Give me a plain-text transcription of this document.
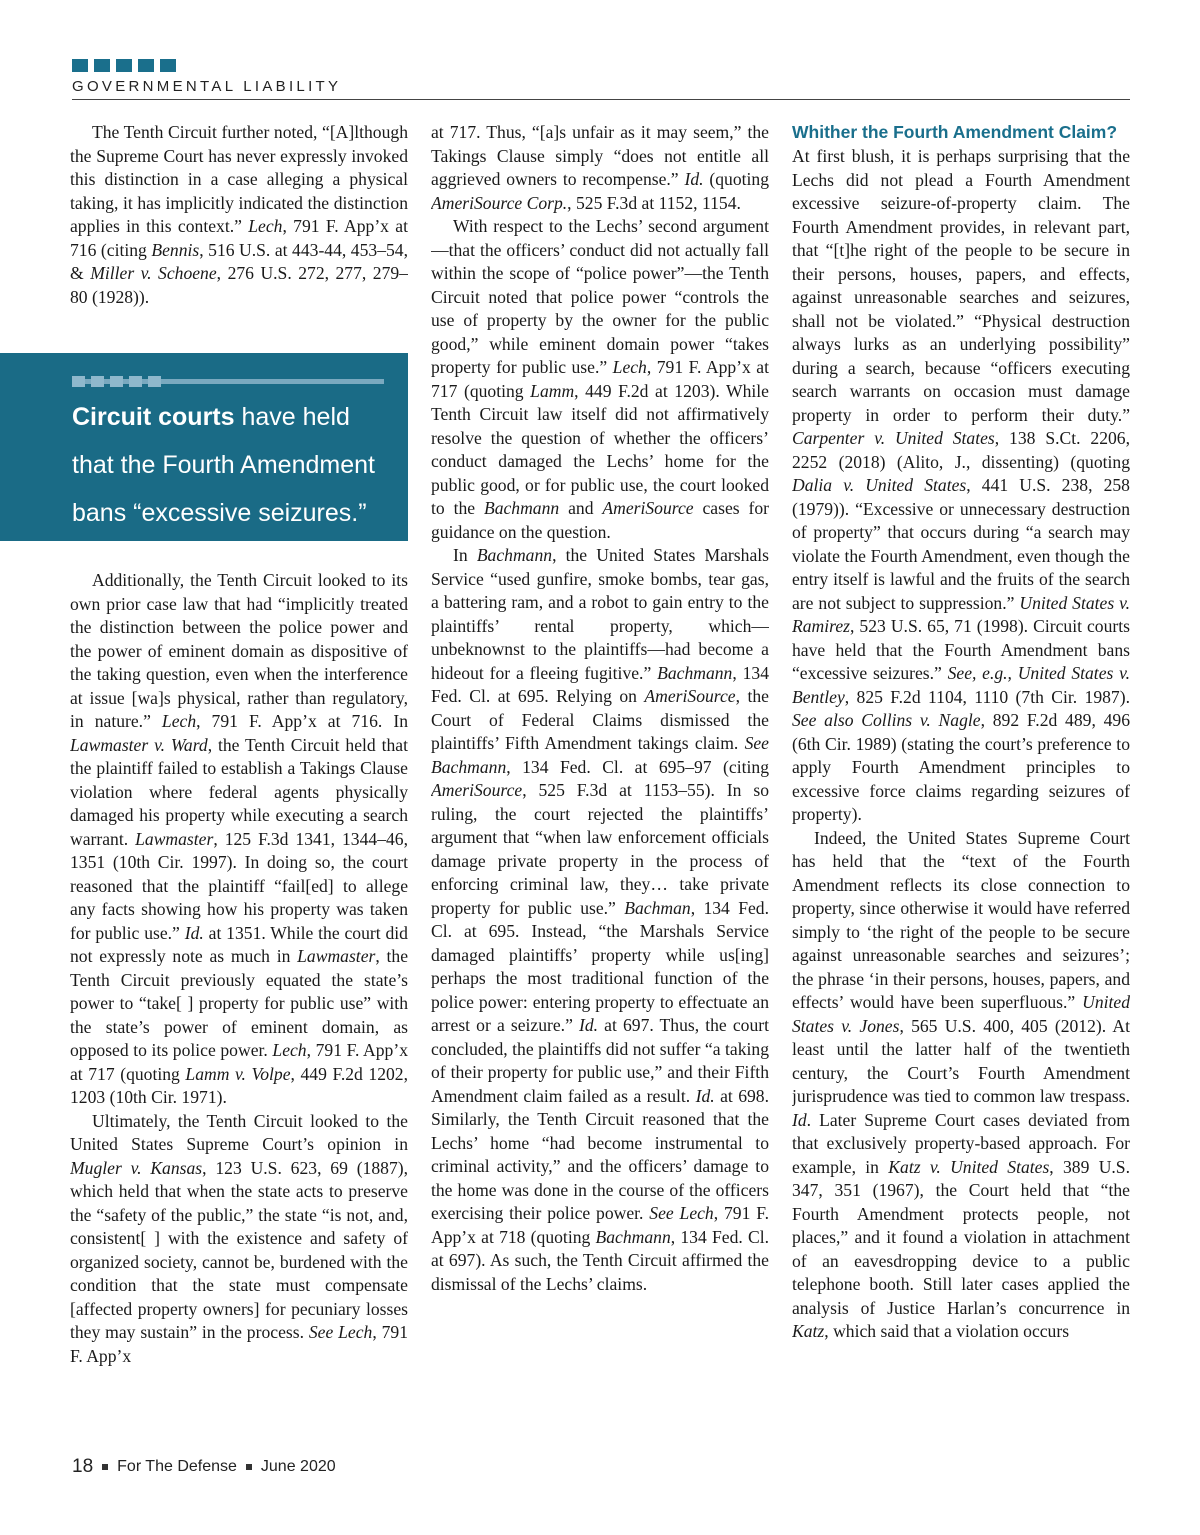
GOVERNMENTAL LIABILITY

The Tenth Circuit further noted, “[A]lthough the Supreme Court has never expressly invoked this distinction in a case alleging a physical taking, it has implicitly indicated the distinction applies in this context.” Lech, 791 F. App’x at 716 (citing Bennis, 516 U.S. at 443-44, 453–54, & Miller v. Schoene, 276 U.S. 272, 277, 279–80 (1928)).

Circuit courts have held that the Fourth Amendment bans “excessive seizures.”

Additionally, the Tenth Circuit looked to its own prior case law that had “implicitly treated the distinction between the police power and the power of eminent domain as dispositive of the taking question, even when the interference at issue [wa]s physical, rather than regulatory, in nature.” Lech, 791 F. App’x at 716. In Lawmaster v. Ward, the Tenth Circuit held that the plaintiff failed to establish a Takings Clause violation where federal agents physically damaged his property while executing a search warrant. Lawmaster, 125 F.3d 1341, 1344–46, 1351 (10th Cir. 1997). In doing so, the court reasoned that the plaintiff “fail[ed] to allege any facts showing how his property was taken for public use.” Id. at 1351. While the court did not expressly note as much in Lawmaster, the Tenth Circuit previously equated the state’s power to “take[ ] property for public use” with the state’s power of eminent domain, as opposed to its police power. Lech, 791 F. App’x at 717 (quoting Lamm v. Volpe, 449 F.2d 1202, 1203 (10th Cir. 1971).

Ultimately, the Tenth Circuit looked to the United States Supreme Court’s opinion in Mugler v. Kansas, 123 U.S. 623, 69 (1887), which held that when the state acts to preserve the “safety of the public,” the state “is not, and, consistent[ ] with the existence and safety of organized society, cannot be, burdened with the condition that the state must compensate [affected property owners] for pecuniary losses they may sustain” in the process. See Lech, 791 F. App’x

at 717. Thus, “[a]s unfair as it may seem,” the Takings Clause simply “does not entitle all aggrieved owners to recompense.” Id. (quoting AmeriSource Corp., 525 F.3d at 1152, 1154.

With respect to the Lechs’ second argument—that the officers’ conduct did not actually fall within the scope of “police power”—the Tenth Circuit noted that police power “controls the use of property by the owner for the public good,” while eminent domain power “takes property for public use.” Lech, 791 F. App’x at 717 (quoting Lamm, 449 F.2d at 1203). While Tenth Circuit law itself did not affirmatively resolve the question of whether the officers’ conduct damaged the Lechs’ home for the public good, or for public use, the court looked to the Bachmann and AmeriSource cases for guidance on the question.

In Bachmann, the United States Marshals Service “used gunfire, smoke bombs, tear gas, a battering ram, and a robot to gain entry to the plaintiffs’ rental property, which—unbeknownst to the plaintiffs—had become a hideout for a fleeing fugitive.” Bachmann, 134 Fed. Cl. at 695. Relying on AmeriSource, the Court of Federal Claims dismissed the plaintiffs’ Fifth Amendment takings claim. See Bachmann, 134 Fed. Cl. at 695–97 (citing AmeriSource, 525 F.3d at 1153–55). In so ruling, the court rejected the plaintiffs’ argument that “when law enforcement officials damage private property in the process of enforcing criminal law, they… take private property for public use.” Bachman, 134 Fed. Cl. at 695. Instead, “the Marshals Service damaged plaintiffs’ property while us[ing] perhaps the most traditional function of the police power: entering property to effectuate an arrest or a seizure.” Id. at 697. Thus, the court concluded, the plaintiffs did not suffer “a taking of their property for public use,” and their Fifth Amendment claim failed as a result. Id. at 698. Similarly, the Tenth Circuit reasoned that the Lechs’ home “had become instrumental to criminal activity,” and the officers’ damage to the home was done in the course of the officers exercising their police power. See Lech, 791 F. App’x at 718 (quoting Bachmann, 134 Fed. Cl. at 697). As such, the Tenth Circuit affirmed the dismissal of the Lechs’ claims.

Whither the Fourth Amendment Claim?

At first blush, it is perhaps surprising that the Lechs did not plead a Fourth Amendment excessive seizure-of-property claim. The Fourth Amendment provides, in relevant part, that “[t]he right of the people to be secure in their persons, houses, papers, and effects, against unreasonable searches and seizures, shall not be violated.” “Physical destruction always lurks as an underlying possibility” during a search, because “officers executing search warrants on occasion must damage property in order to perform their duty.” Carpenter v. United States, 138 S.Ct. 2206, 2252 (2018) (Alito, J., dissenting) (quoting Dalia v. United States, 441 U.S. 238, 258 (1979)). “Excessive or unnecessary destruction of property” that occurs during “a search may violate the Fourth Amendment, even though the entry itself is lawful and the fruits of the search are not subject to suppression.” United States v. Ramirez, 523 U.S. 65, 71 (1998). Circuit courts have held that the Fourth Amendment bans “excessive seizures.” See, e.g., United States v. Bentley, 825 F.2d 1104, 1110 (7th Cir. 1987). See also Collins v. Nagle, 892 F.2d 489, 496 (6th Cir. 1989) (stating the court’s preference to apply Fourth Amendment principles to excessive force claims regarding seizures of property).

Indeed, the United States Supreme Court has held that the “text of the Fourth Amendment reflects its close connection to property, since otherwise it would have referred simply to ‘the right of the people to be secure against unreasonable searches and seizures’; the phrase ‘in their persons, houses, papers, and effects’ would have been superfluous.” United States v. Jones, 565 U.S. 400, 405 (2012). At least until the latter half of the twentieth century, the Court’s Fourth Amendment jurisprudence was tied to common law trespass. Id. Later Supreme Court cases deviated from that exclusively property-based approach. For example, in Katz v. United States, 389 U.S. 347, 351 (1967), the Court held that “the Fourth Amendment protects people, not places,” and it found a violation in attachment of an eavesdropping device to a public telephone booth. Still later cases applied the analysis of Justice Harlan’s concurrence in Katz, which said that a violation occurs

18 For The Defense June 2020
